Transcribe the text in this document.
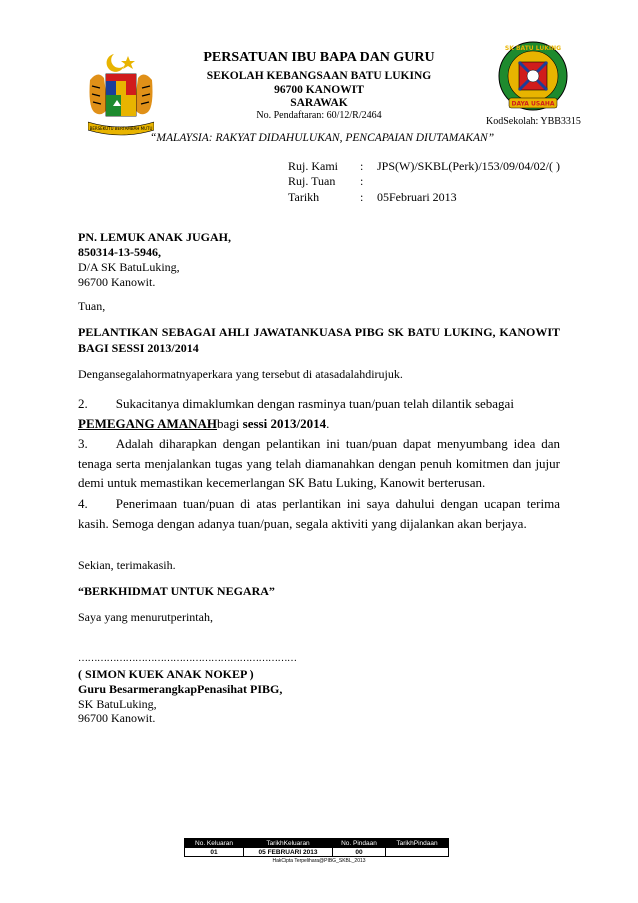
BERSEKUTU BERTAMBAH MUTU
SK BATU LUKING
DAYA USAHA
PERSATUAN IBU BAPA DAN GURU
SEKOLAH KEBANGSAAN BATU LUKING
96700 KANOWIT
SARAWAK
No. Pendaftaran: 60/12/R/2464
KodSekolah: YBB3315
“MALAYSIA: RAKYAT DIDAHULUKAN, PENCAPAIAN DIUTAMAKAN”
Ruj. Kami : JPS(W)/SKBL(Perk)/153/09/04/02/( )
Ruj. Tuan :
Tarikh	: 05Februari 2013
PN. LEMUK ANAK JUGAH,
850314-13-5946,
D/A SK BatuLuking,
96700 Kanowit.
Tuan,
PELANTIKAN SEBAGAI AHLI JAWATANKUASA PIBG SK BATU LUKING, KANOWIT BAGI SESSI 2013/2014
Dengansegalahormatnyaperkara yang tersebut di atasadalahdirujuk.
2. Sukacitanya dimaklumkan dengan rasminya tuan/puan telah dilantik sebagai
PEMEGANG AMANAHbagi sessi 2013/2014.
3. Adalah diharapkan dengan pelantikan ini tuan/puan dapat menyumbang idea dan tenaga serta menjalankan tugas yang telah diamanahkan dengan penuh komitmen dan jujur demi untuk memastikan kecemerlangan SK Batu Luking, Kanowit berterusan.
4. Penerimaan tuan/puan di atas perlantikan ini saya dahului dengan ucapan terima kasih. Semoga dengan adanya tuan/puan, segala aktiviti yang dijalankan akan berjaya.
Sekian, terimakasih.
“BERKHIDMAT UNTUK NEGARA”
Saya yang menurutperintah,
……………………………………………………………
( SIMON KUEK ANAK NOKEP )
Guru BesarmerangkapPenasihat PIBG,
SK BatuLuking,
96700 Kanowit.
No. Keluaran	TarikhKeluaran	No. Pindaan	TarikhPindaan
01	05 FEBRUARI 2013	00	
HakCipta Terpelihara@PIBG_SKBL_2013
